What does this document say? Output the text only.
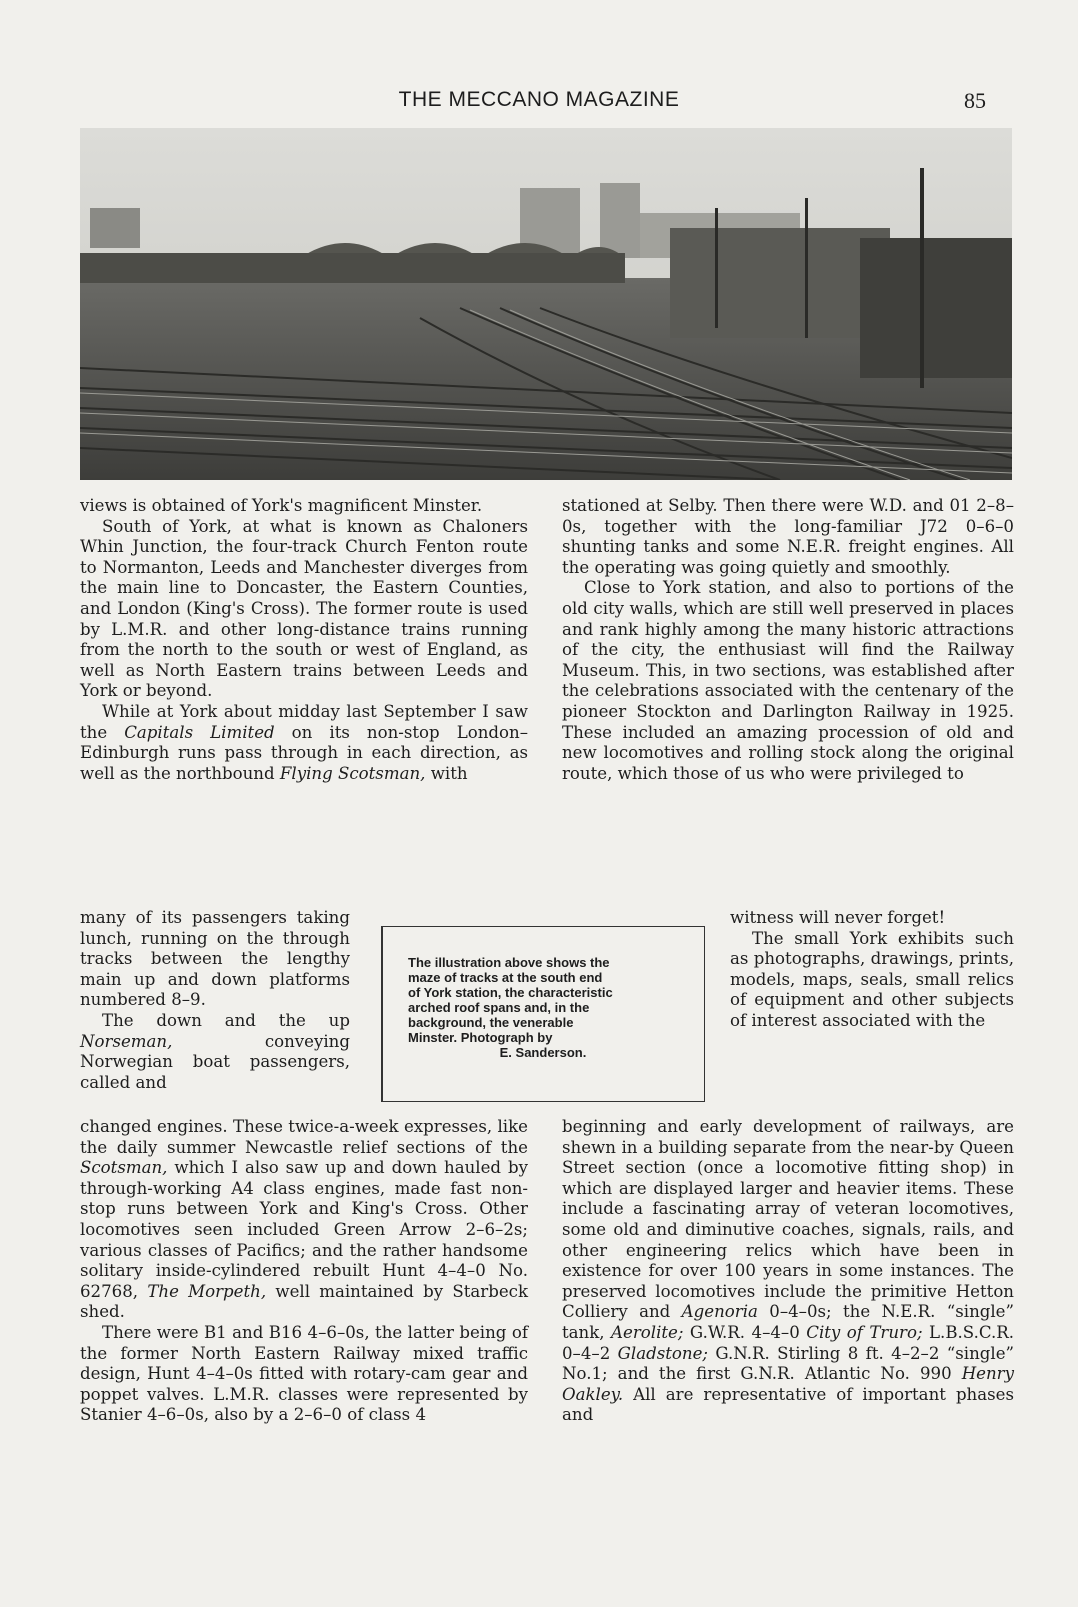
THE MECCANO MAGAZINE	85

views is obtained of York's magnificent Minster.

South of York, at what is known as Chaloners Whin Junction, the four-track Church Fenton route to Normanton, Leeds and Manchester diverges from the main line to Doncaster, the Eastern Counties, and London (King's Cross). The former route is used by L.M.R. and other long-distance trains running from the north to the south or west of England, as well as North Eastern trains between Leeds and York or beyond.

While at York about midday last September I saw the Capitals Limited on its non-stop London–Edinburgh runs pass through in each direction, as well as the northbound Flying Scotsman, with

many of its passengers taking lunch, running on the through tracks between the lengthy main up and down platforms numbered 8–9.

The down and the up Norseman, conveying Norwegian boat passengers, called and

The illustration above shows the
maze of tracks at the south end
of York station, the characteristic
arched roof spans and, in the
background, the venerable
Minster. Photograph by
E. Sanderson.

changed engines. These twice-a-week expresses, like the daily summer Newcastle relief sections of the Scotsman, which I also saw up and down hauled by through-working A4 class engines, made fast non-stop runs between York and King's Cross. Other locomotives seen included Green Arrow 2–6–2s; various classes of Pacifics; and the rather handsome solitary inside-cylindered rebuilt Hunt 4–4–0 No. 62768, The Morpeth, well maintained by Starbeck shed.

There were B1 and B16 4–6–0s, the latter being of the former North Eastern Railway mixed traffic design, Hunt 4–4–0s fitted with rotary-cam gear and poppet valves. L.M.R. classes were represented by Stanier 4–6–0s, also by a 2–6–0 of class 4

stationed at Selby. Then there were W.D. and 01 2–8–0s, together with the long-familiar J72 0–6–0 shunting tanks and some N.E.R. freight engines. All the operating was going quietly and smoothly.

Close to York station, and also to portions of the old city walls, which are still well preserved in places and rank highly among the many historic attractions of the city, the enthusiast will find the Railway Museum. This, in two sections, was established after the celebrations associated with the centenary of the pioneer Stockton and Darlington Railway in 1925. These included an amazing procession of old and new locomotives and rolling stock along the original route, which those of us who were privileged to

witness will never forget!

The small York exhibits such as photographs, drawings, prints, models, maps, seals, small relics of equipment and other subjects of interest associated with the

beginning and early development of railways, are shewn in a building separate from the near-by Queen Street section (once a locomotive fitting shop) in which are displayed larger and heavier items. These include a fascinating array of veteran locomotives, some old and diminutive coaches, signals, rails, and other engineering relics which have been in existence for over 100 years in some instances. The preserved locomotives include the primitive Hetton Colliery and Agenoria 0–4–0s; the N.E.R. “single” tank, Aerolite; G.W.R. 4–4–0 City of Truro; L.B.S.C.R. 0–4–2 Gladstone; G.N.R. Stirling 8 ft. 4–2–2 “single” No.1; and the first G.N.R. Atlantic No. 990 Henry Oakley. All are representative of important phases and
